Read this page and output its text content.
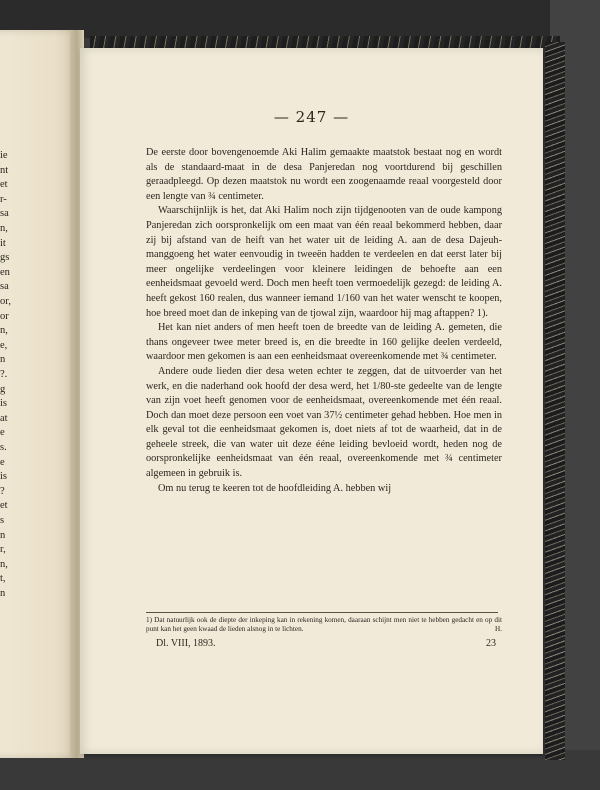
ie
nt
et
r-
sa
n,
it
gs
en
sa
or,
or
n,
e,
n
?.
g
is
at
e
s.
e
is
?
et
s
n
r,
n,
t,
n
— 247 —

De eerste door bovengenoemde Aki Halim gemaakte maatstok bestaat nog en wordt als de standaard-maat in de desa Panjeredan nog voortdurend bij geschillen geraadpleegd. Op dezen maatstok nu wordt een zoogenaamde reaal voorgesteld door een lengte van ¾ centimeter.

Waarschijnlijk is het, dat Aki Halim noch zijn tijdgenooten van de oude kampong Panjeredan zich oorspronkelijk om een maat van één reaal bekommerd hebben, daar zij bij afstand van de heift van het water uit de leiding A. aan de desa Dajeuh-manggoeng het water eenvoudig in tweeën hadden te verdeelen en dat eerst later bij meer ongelijke verdeelingen voor kleinere leidingen de behoefte aan een eenheidsmaat gevoeld werd. Doch men heeft toen vermoedelijk gezegd: de leiding A. heeft gekost 160 realen, dus wanneer iemand 1/160 van het water wenscht te koopen, hoe breed moet dan de inkeping van de tjowal zijn, waardoor hij mag aftappen? 1).

Het kan niet anders of men heeft toen de breedte van de leiding A. gemeten, die thans ongeveer twee meter breed is, en die breedte in 160 gelijke deelen verdeeld, waardoor men gekomen is aan een eenheidsmaat overeenkomende met ¾ centimeter.

Andere oude lieden dier desa weten echter te zeggen, dat de uitvoerder van het werk, en die naderhand ook hoofd der desa werd, het 1/80-ste gedeelte van de lengte van zijn voet heeft genomen voor de eenheidsmaat, overeenkomende met één reaal. Doch dan moet deze persoon een voet van 37½ centimeter gehad hebben. Hoe men in elk geval tot die eenheidsmaat gekomen is, doet niets af tot de waarheid, dat in de geheele streek, die van water uit deze ééne leiding bevloeid wordt, heden nog de oorspronkelijke eenheidsmaat van één reaal, overeenkomende met ¾ centimeter algemeen in gebruik is.

Om nu terug te keeren tot de hoofdleiding A. hebben wij

1) Dat natuurlijk ook de diepte der inkeping kan in rekening komen, daaraan schijnt men niet te hebben gedacht en op dit punt kan het geen kwaad de lieden alsnog in te lichten.	H.
Dl. VIII, 1893.	23
